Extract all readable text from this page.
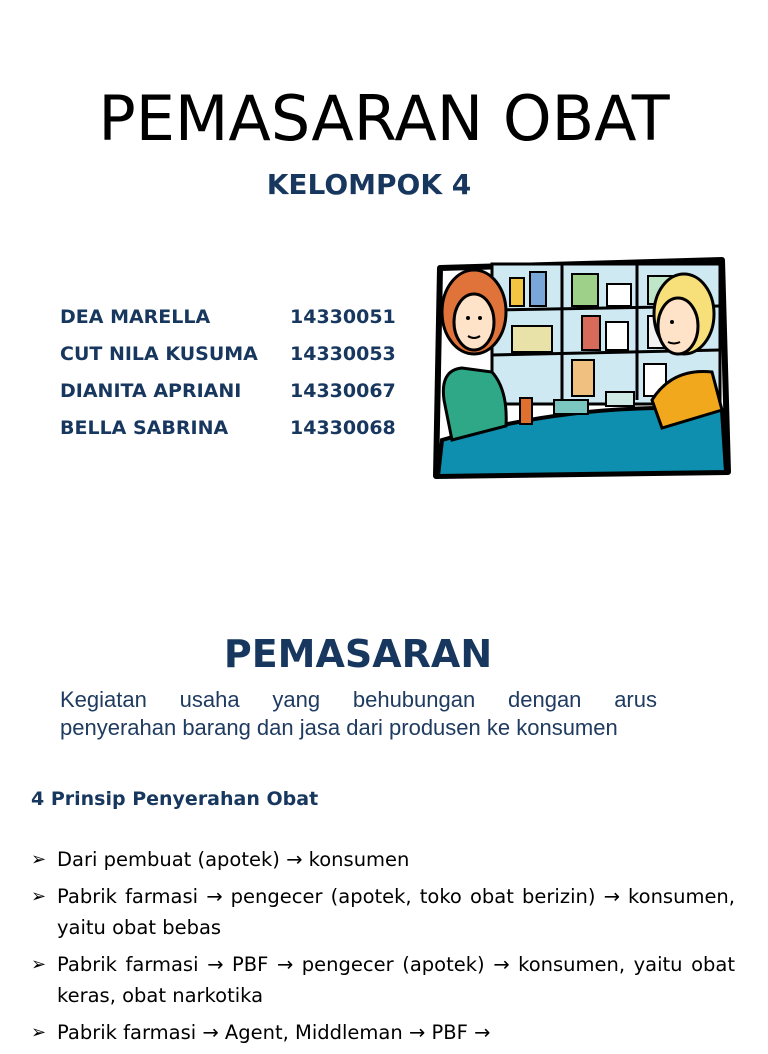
PEMASARAN OBAT
KELOMPOK 4
DEA MARELLA	14330051
CUT NILA KUSUMA 14330053
DIANITA APRIANI	14330067
BELLA SABRINA	14330068
PEMASARAN
Kegiatan usaha yang behubungan dengan arus
penyerahan barang dan jasa dari produsen ke konsumen
4 Prinsip Penyerahan Obat
➢ Dari pembuat (apotek) → konsumen
➢ Pabrik farmasi → pengecer (apotek, toko obat berizin) → konsumen, yaitu obat bebas
➢ Pabrik farmasi → PBF → pengecer (apotek) → konsumen, yaitu obat keras, obat narkotika
➢ Pabrik farmasi → Agent, Middleman → PBF →
